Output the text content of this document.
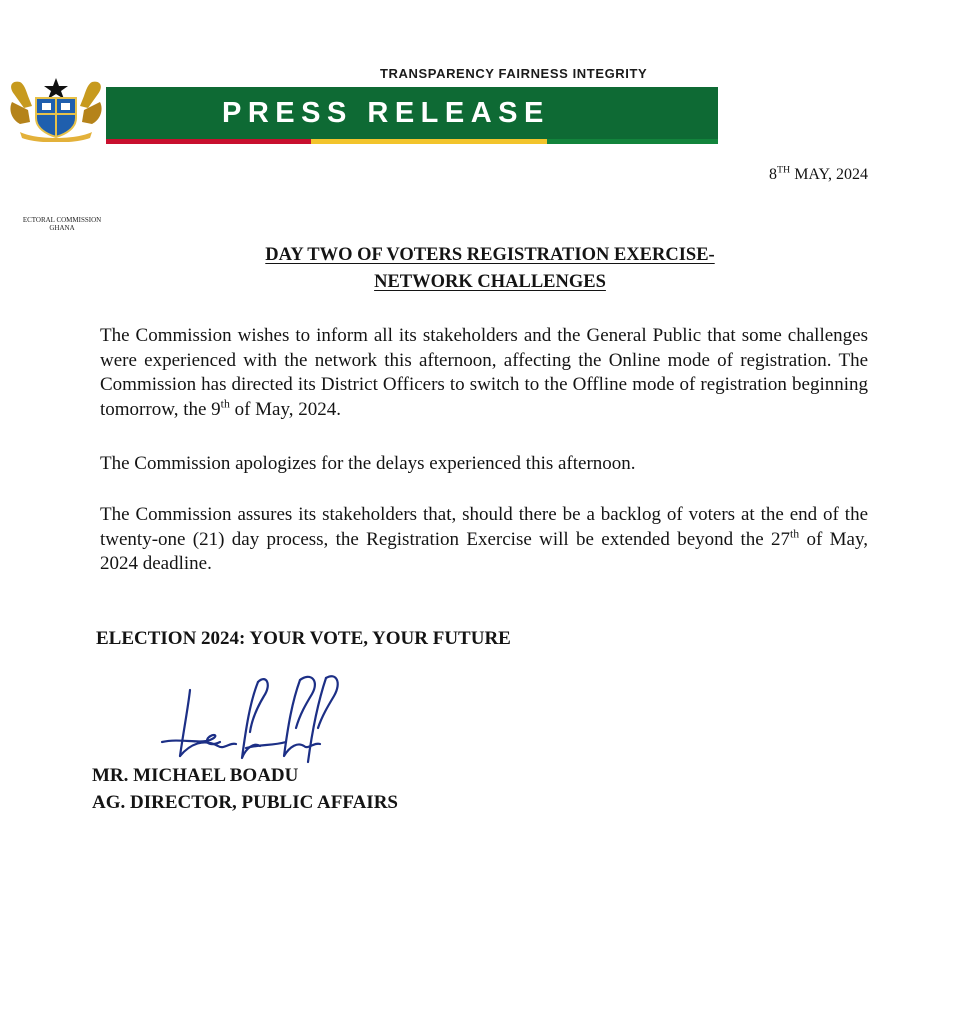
ECTORAL COMMISSION GHANA
TRANSPARENCY FAIRNESS INTEGRITY
PRESS RELEASE
8TH MAY, 2024
DAY TWO OF VOTERS REGISTRATION EXERCISE-
NETWORK CHALLENGES

The Commission wishes to inform all its stakeholders and the General Public that some challenges were experienced with the network this afternoon, affecting the Online mode of registration. The Commission has directed its District Officers to switch to the Offline mode of registration beginning tomorrow, the 9th of May, 2024.

The Commission apologizes for the delays experienced this afternoon.

The Commission assures its stakeholders that, should there be a backlog of voters at the end of the twenty-one (21) day process, the Registration Exercise will be extended beyond the 27th of May, 2024 deadline.

ELECTION 2024: YOUR VOTE, YOUR FUTURE
MR. MICHAEL BOADU
AG. DIRECTOR, PUBLIC AFFAIRS
